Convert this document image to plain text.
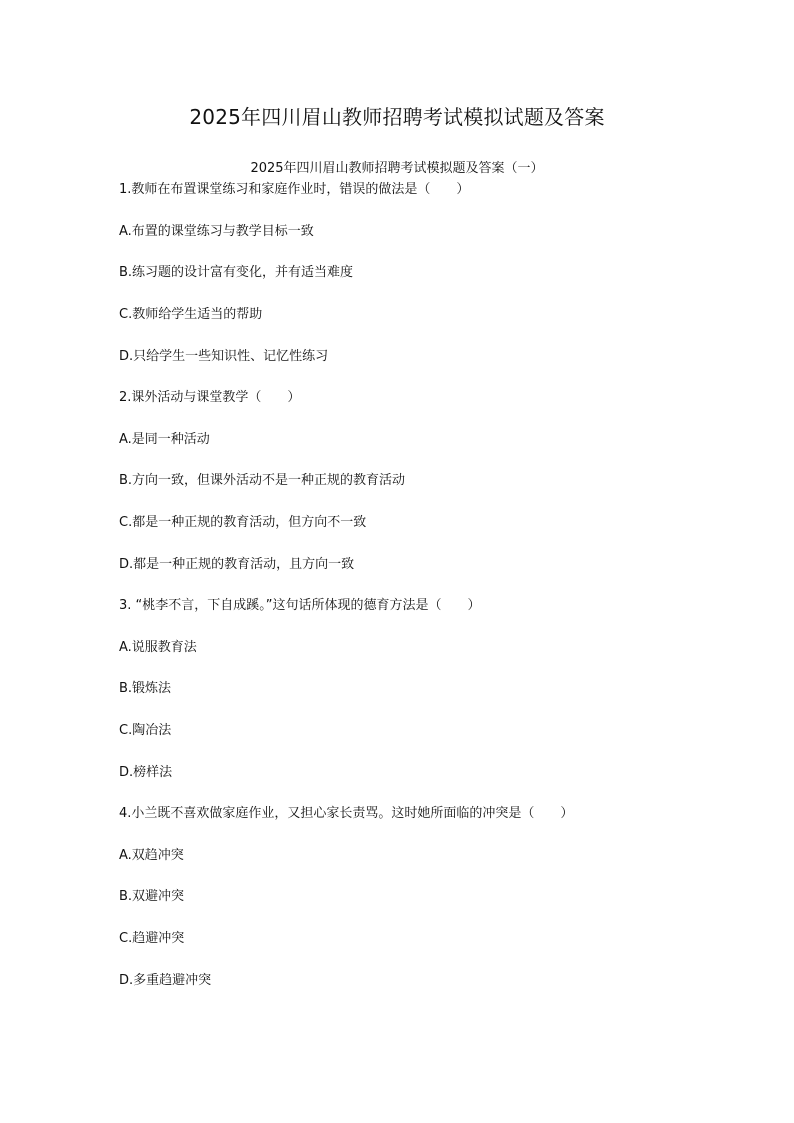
2025年四川眉山教师招聘考试模拟试题及答案
2025年四川眉山教师招聘考试模拟题及答案（一）
1.教师在布置课堂练习和家庭作业时，错误的做法是（　　）
A.布置的课堂练习与教学目标一致
B.练习题的设计富有变化，并有适当难度
C.教师给学生适当的帮助
D.只给学生一些知识性、记忆性练习
2.课外活动与课堂教学（　　）
A.是同一种活动
B.方向一致，但课外活动不是一种正规的教育活动
C.都是一种正规的教育活动，但方向不一致
D.都是一种正规的教育活动，且方向一致
3. “桃李不言，下自成蹊。”这句话所体现的德育方法是（　　）
A.说服教育法
B.锻炼法
C.陶冶法
D.榜样法
4.小兰既不喜欢做家庭作业，又担心家长责骂。这时她所面临的冲突是（　　）
A.双趋冲突
B.双避冲突
C.趋避冲突
D.多重趋避冲突
